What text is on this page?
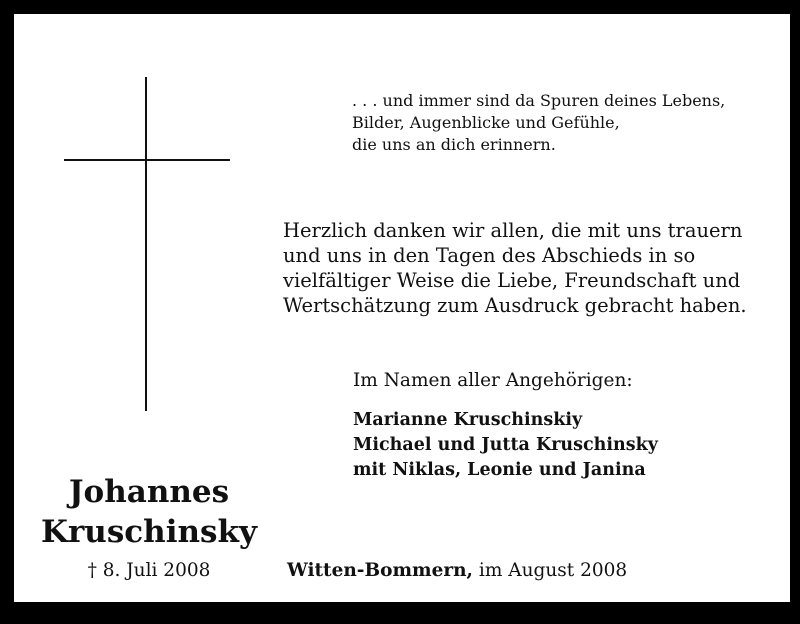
. . . und immer sind da Spuren deines Lebens,
Bilder, Augenblicke und Gefühle,
die uns an dich erinnern.
Herzlich danken wir allen, die mit uns trauern
und uns in den Tagen des Abschieds in so
vielfältiger Weise die Liebe, Freundschaft und
Wertschätzung zum Ausdruck gebracht haben.
Im Namen aller Angehörigen:
Marianne Kruschinskiy
Michael und Jutta Kruschinsky
mit Niklas, Leonie und Janina
Johannes
Kruschinsky
† 8. Juli 2008	Witten-Bommern, im August 2008
